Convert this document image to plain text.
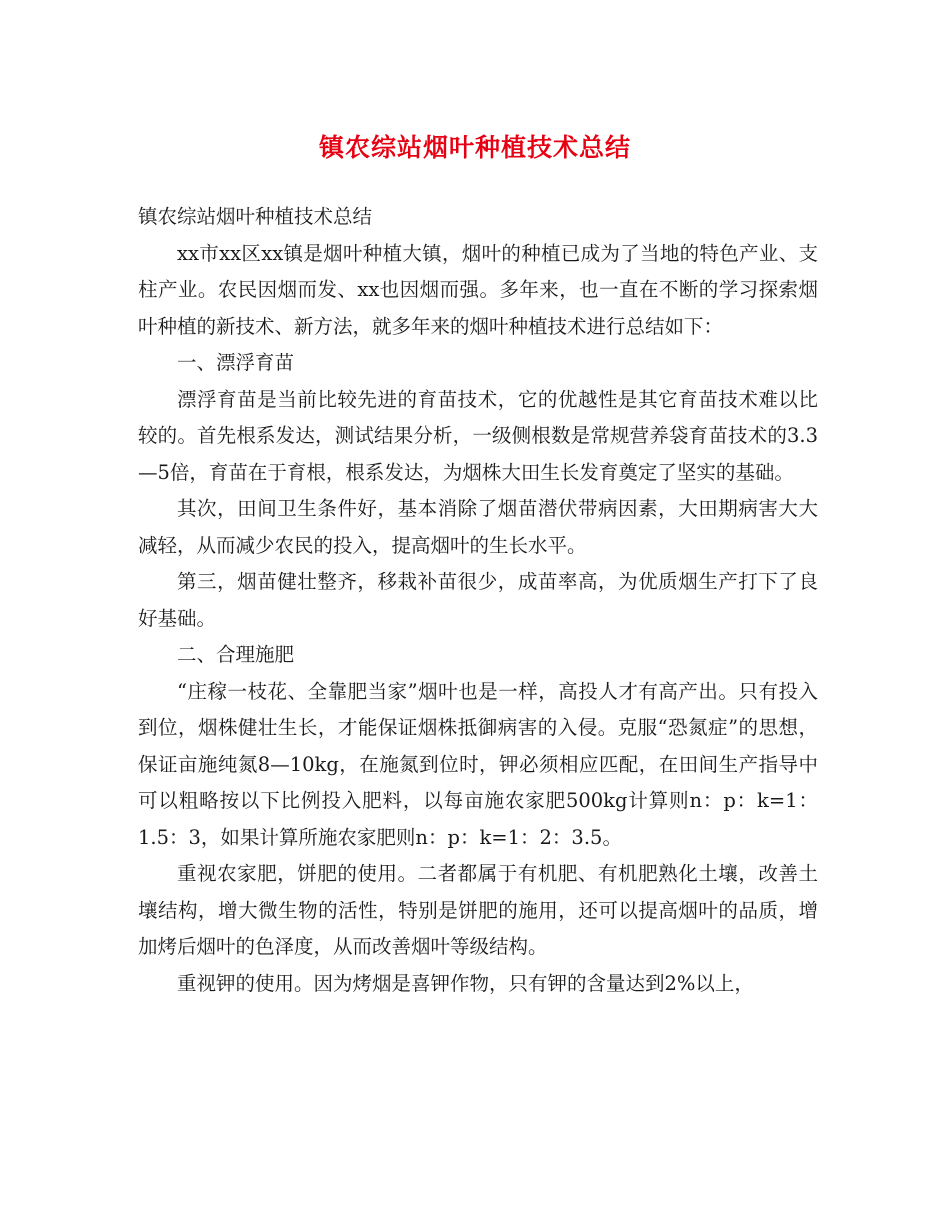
镇农综站烟叶种植技术总结

镇农综站烟叶种植技术总结

xx市xx区xx镇是烟叶种植大镇，烟叶的种植已成为了当地的特色产业、支柱产业。农民因烟而发、xx也因烟而强。多年来，也一直在不断的学习探索烟叶种植的新技术、新方法，就多年来的烟叶种植技术进行总结如下：

一、漂浮育苗

漂浮育苗是当前比较先进的育苗技术，它的优越性是其它育苗技术难以比较的。首先根系发达，测试结果分析，一级侧根数是常规营养袋育苗技术的3.3—5倍，育苗在于育根，根系发达，为烟株大田生长发育奠定了坚实的基础。

其次，田间卫生条件好，基本消除了烟苗潜伏带病因素，大田期病害大大减轻，从而减少农民的投入，提高烟叶的生长水平。

第三，烟苗健壮整齐，移栽补苗很少，成苗率高，为优质烟生产打下了良好基础。

二、合理施肥

“庄稼一枝花、全靠肥当家”烟叶也是一样，高投人才有高产出。只有投入到位，烟株健壮生长，才能保证烟株抵御病害的入侵。克服“恐氮症”的思想，保证亩施纯氮8—10kg，在施氮到位时，钾必须相应匹配，在田间生产指导中可以粗略按以下比例投入肥料，以每亩施农家肥500kg计算则n：p：k=1：1.5：3，如果计算所施农家肥则n：p：k=1：2：3.5。

重视农家肥，饼肥的使用。二者都属于有机肥、有机肥熟化土壤，改善土壤结构，增大微生物的活性，特别是饼肥的施用，还可以提高烟叶的品质，增加烤后烟叶的色泽度，从而改善烟叶等级结构。

重视钾的使用。因为烤烟是喜钾作物，只有钾的含量达到2%以上，
